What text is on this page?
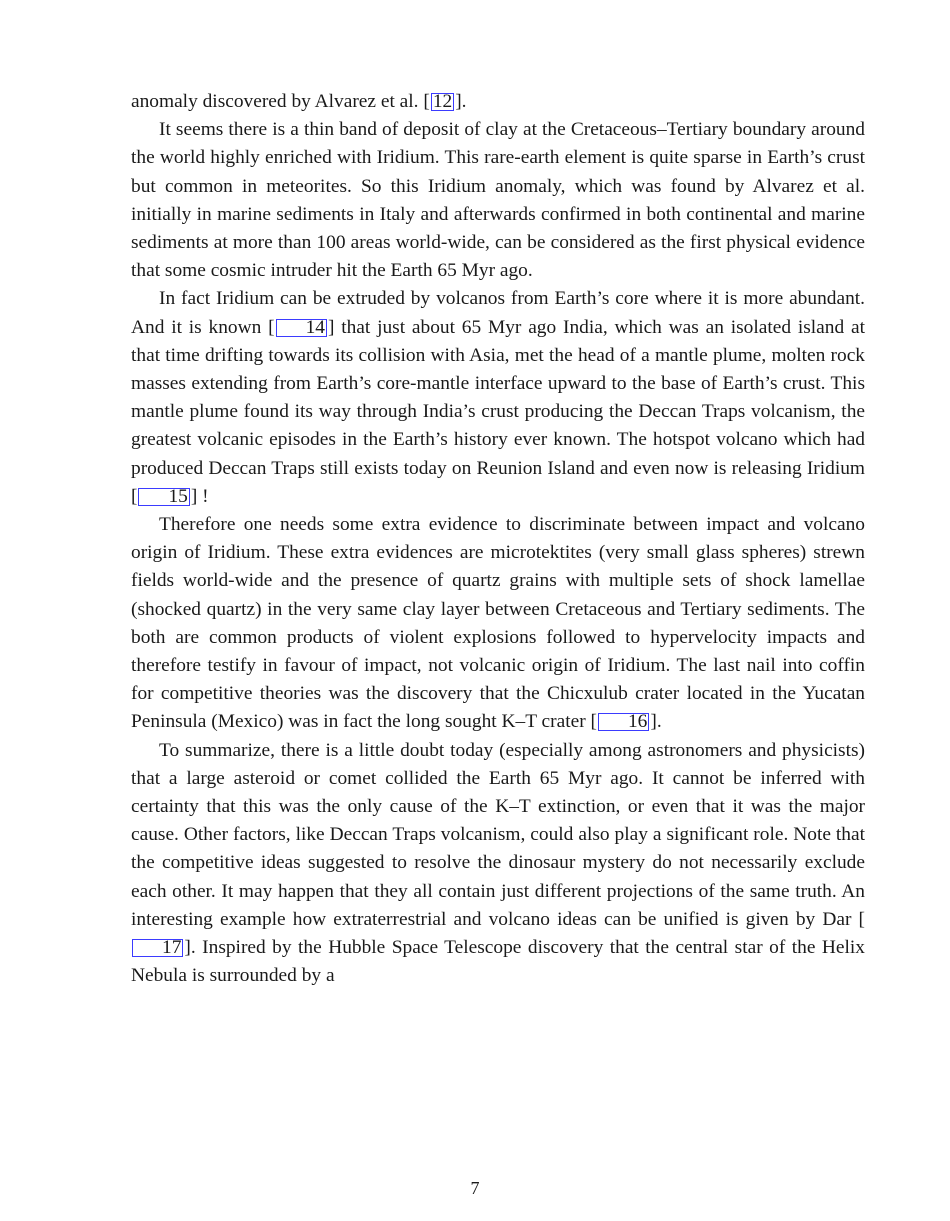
anomaly discovered by Alvarez et al. [ 12 ].

It seems there is a thin band of deposit of clay at the Cretaceous–Tertiary boundary around the world highly enriched with Iridium. This rare-earth element is quite sparse in Earth’s crust but common in meteorites. So this Iridium anomaly, which was found by Alvarez et al. initially in marine sediments in Italy and afterwards confirmed in both continental and marine sediments at more than 100 areas world-wide, can be considered as the first physical evidence that some cosmic intruder hit the Earth 65 Myr ago.

In fact Iridium can be extruded by volcanos from Earth’s core where it is more abundant. And it is known [ 14 ] that just about 65 Myr ago India, which was an isolated island at that time drifting towards its collision with Asia, met the head of a mantle plume, molten rock masses extending from Earth’s core-mantle interface upward to the base of Earth’s crust. This mantle plume found its way through India’s crust producing the Deccan Traps volcanism, the greatest volcanic episodes in the Earth’s history ever known. The hotspot volcano which had produced Deccan Traps still exists today on Reunion Island and even now is releasing Iridium [ 15 ] !

Therefore one needs some extra evidence to discriminate between impact and volcano origin of Iridium. These extra evidences are microtektites (very small glass spheres) strewn fields world-wide and the presence of quartz grains with multiple sets of shock lamellae (shocked quartz) in the very same clay layer between Cretaceous and Tertiary sediments. The both are common products of violent explosions followed to hypervelocity impacts and therefore testify in favour of impact, not volcanic origin of Iridium. The last nail into coffin for competitive theories was the discovery that the Chicxulub crater located in the Yucatan Peninsula (Mexico) was in fact the long sought K–T crater [ 16 ].

To summarize, there is a little doubt today (especially among astronomers and physicists) that a large asteroid or comet collided the Earth 65 Myr ago. It cannot be inferred with certainty that this was the only cause of the K–T extinction, or even that it was the major cause. Other factors, like Deccan Traps volcanism, could also play a significant role. Note that the competitive ideas suggested to resolve the dinosaur mystery do not necessarily exclude each other. It may happen that they all contain just different projections of the same truth. An interesting example how extraterrestrial and volcano ideas can be unified is given by Dar [17 ]. Inspired by the Hubble Space Telescope discovery that the central star of the Helix Nebula is surrounded by a

7
